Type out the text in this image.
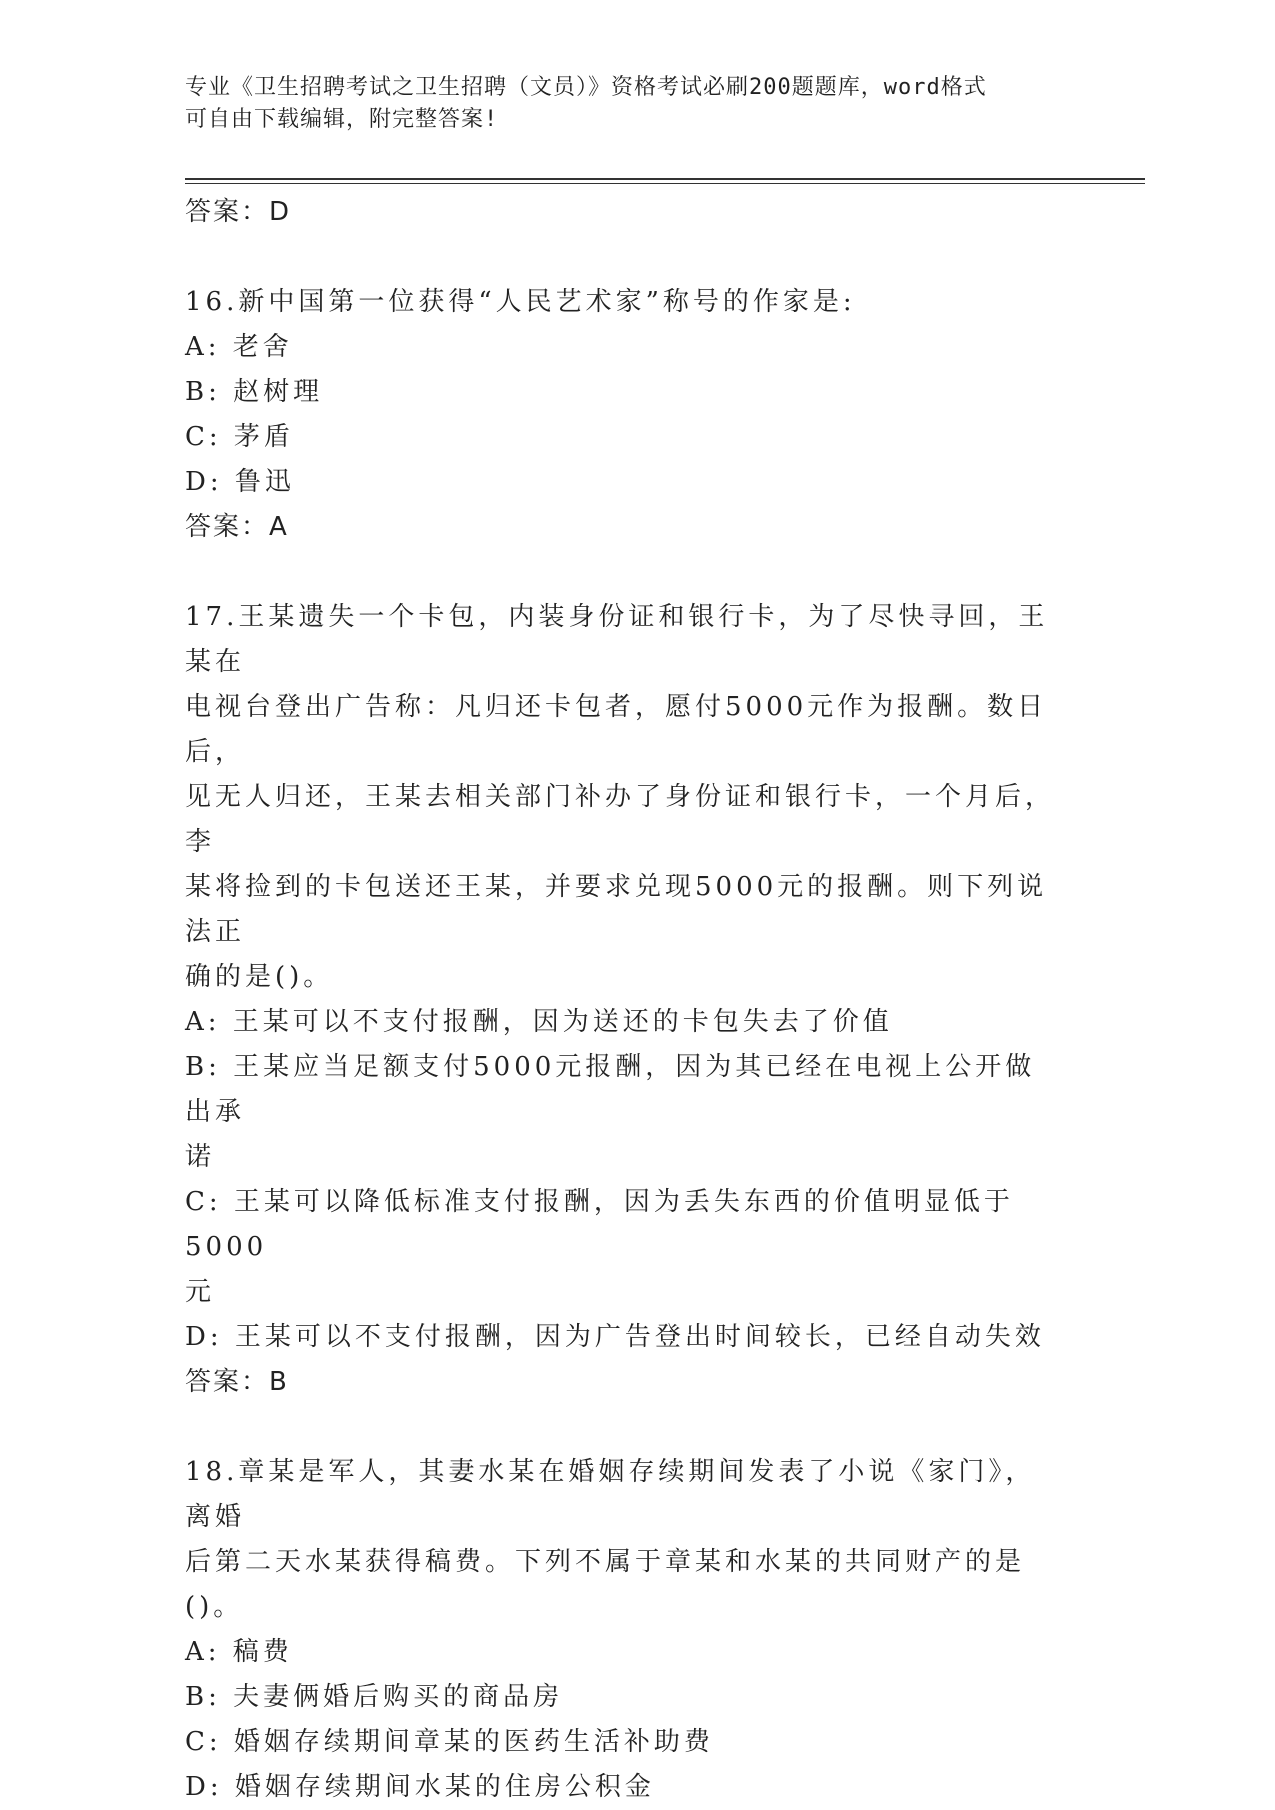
专业《卫生招聘考试之卫生招聘（文员）》资格考试必刷200题题库，word格式
可自由下载编辑，附完整答案!

答案：D

16.新中国第一位获得“人民艺术家”称号的作家是:

A: 老舍

B: 赵树理

C: 茅盾

D: 鲁迅

答案：A

17.王某遗失一个卡包，内装身份证和银行卡，为了尽快寻回，王某在

电视台登出广告称：凡归还卡包者，愿付5000元作为报酬。数日后，

见无人归还，王某去相关部门补办了身份证和银行卡，一个月后，李

某将捡到的卡包送还王某，并要求兑现5000元的报酬。则下列说法正

确的是()。

A: 王某可以不支付报酬，因为送还的卡包失去了价值

B: 王某应当足额支付5000元报酬，因为其已经在电视上公开做出承

诺

C: 王某可以降低标准支付报酬，因为丢失东西的价值明显低于5000

元

D: 王某可以不支付报酬，因为广告登出时间较长，已经自动失效

答案：B

18.章某是军人，其妻水某在婚姻存续期间发表了小说《家门》，离婚

后第二天水某获得稿费。下列不属于章某和水某的共同财产的是()。

A: 稿费

B: 夫妻俩婚后购买的商品房

C: 婚姻存续期间章某的医药生活补助费

D: 婚姻存续期间水某的住房公积金
